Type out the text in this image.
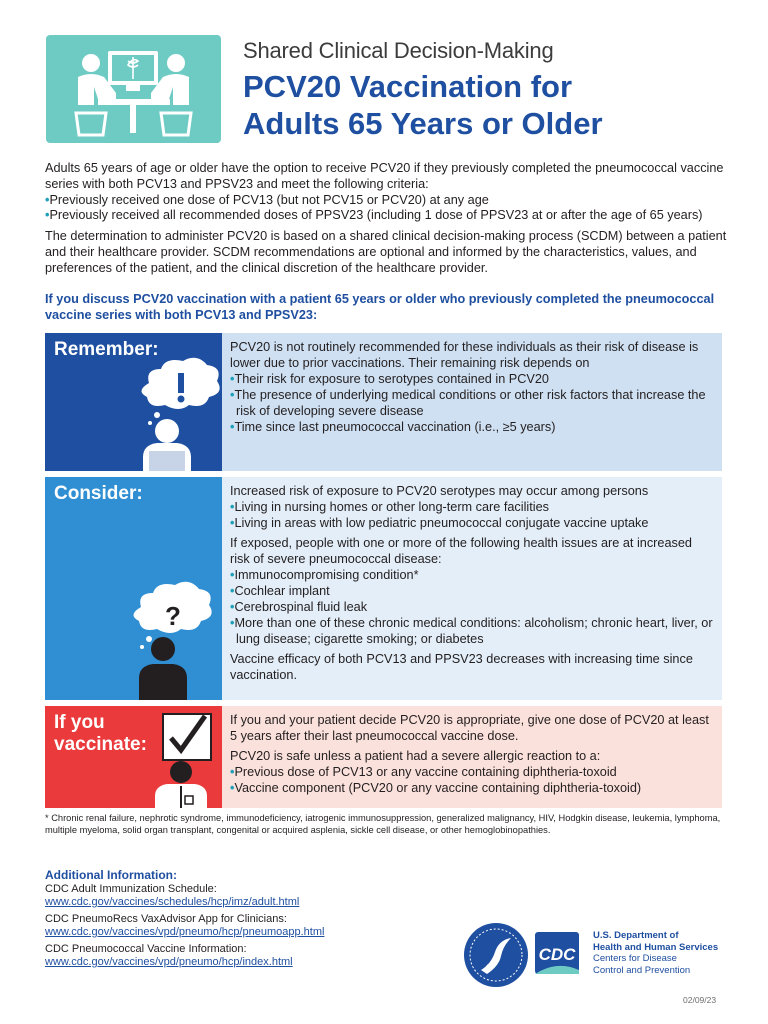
Shared Clinical Decision-Making
PCV20 Vaccination for
Adults 65 Years or Older

Adults 65 years of age or older have the option to receive PCV20 if they previously completed the pneumococcal vaccine series with both PCV13 and PPSV23 and meet the following criteria:
•Previously received one dose of PCV13 (but not PCV15 or PCV20) at any age
•Previously received all recommended doses of PPSV23 (including 1 dose of PPSV23 at or after the age of 65 years)

The determination to administer PCV20 is based on a shared clinical decision-making process (SCDM) between a patient and their healthcare provider. SCDM recommendations are optional and informed by the characteristics, values, and preferences of the patient, and the clinical discretion of the healthcare provider.

If you discuss PCV20 vaccination with a patient 65 years or older who previously completed the pneumococcal vaccine series with both PCV13 and PPSV23:
Remember:	PCV20 is not routinely recommended for these individuals as their risk of disease is lower due to prior vaccinations. Their remaining risk depends on
•Their risk for exposure to serotypes contained in PCV20
•The presence of underlying medical conditions or other risk factors that increase the risk of developing severe disease
•Time since last pneumococcal vaccination (i.e., ≥5 years)
?
Consider:	Increased risk of exposure to PCV20 serotypes may occur among persons
•Living in nursing homes or other long-term care facilities
•Living in areas with low pediatric pneumococcal conjugate vaccine uptake
If exposed, people with one or more of the following health issues are at increased risk of severe pneumococcal disease:
•Immunocompromising condition*
•Cochlear implant
•Cerebrospinal fluid leak
•More than one of these chronic medical conditions: alcoholism; chronic heart, liver, or lung disease; cigarette smoking; or diabetes
Vaccine efficacy of both PCV13 and PPSV23 decreases with increasing time since vaccination.
If you
vaccinate:
If you and your patient decide PCV20 is appropriate, give one dose of PCV20 at least 5 years after their last pneumococcal vaccine dose.
PCV20 is safe unless a patient had a severe allergic reaction to a:
•Previous dose of PCV13 or any vaccine containing diphtheria-toxoid
•Vaccine component (PCV20 or any vaccine containing diphtheria-toxoid)
* Chronic renal failure, nephrotic syndrome, immunodeficiency, iatrogenic immunosuppression, generalized malignancy, HIV, Hodgkin disease, leukemia, lymphoma, multiple myeloma, solid organ transplant, congenital or acquired asplenia, sickle cell disease, or other hemoglobinopathies.
Additional Information:
CDC Adult Immunization Schedule:
www.cdc.gov/vaccines/schedules/hcp/imz/adult.html
CDC PneumoRecs VaxAdvisor App for Clinicians:
www.cdc.gov/vaccines/vpd/pneumo/hcp/pneumoapp.html
CDC Pneumococcal Vaccine Information:
www.cdc.gov/vaccines/vpd/pneumo/hcp/index.html	CDC
U.S. Department of
Health and Human Services
Centers for Disease
Control and Prevention
02/09/23
